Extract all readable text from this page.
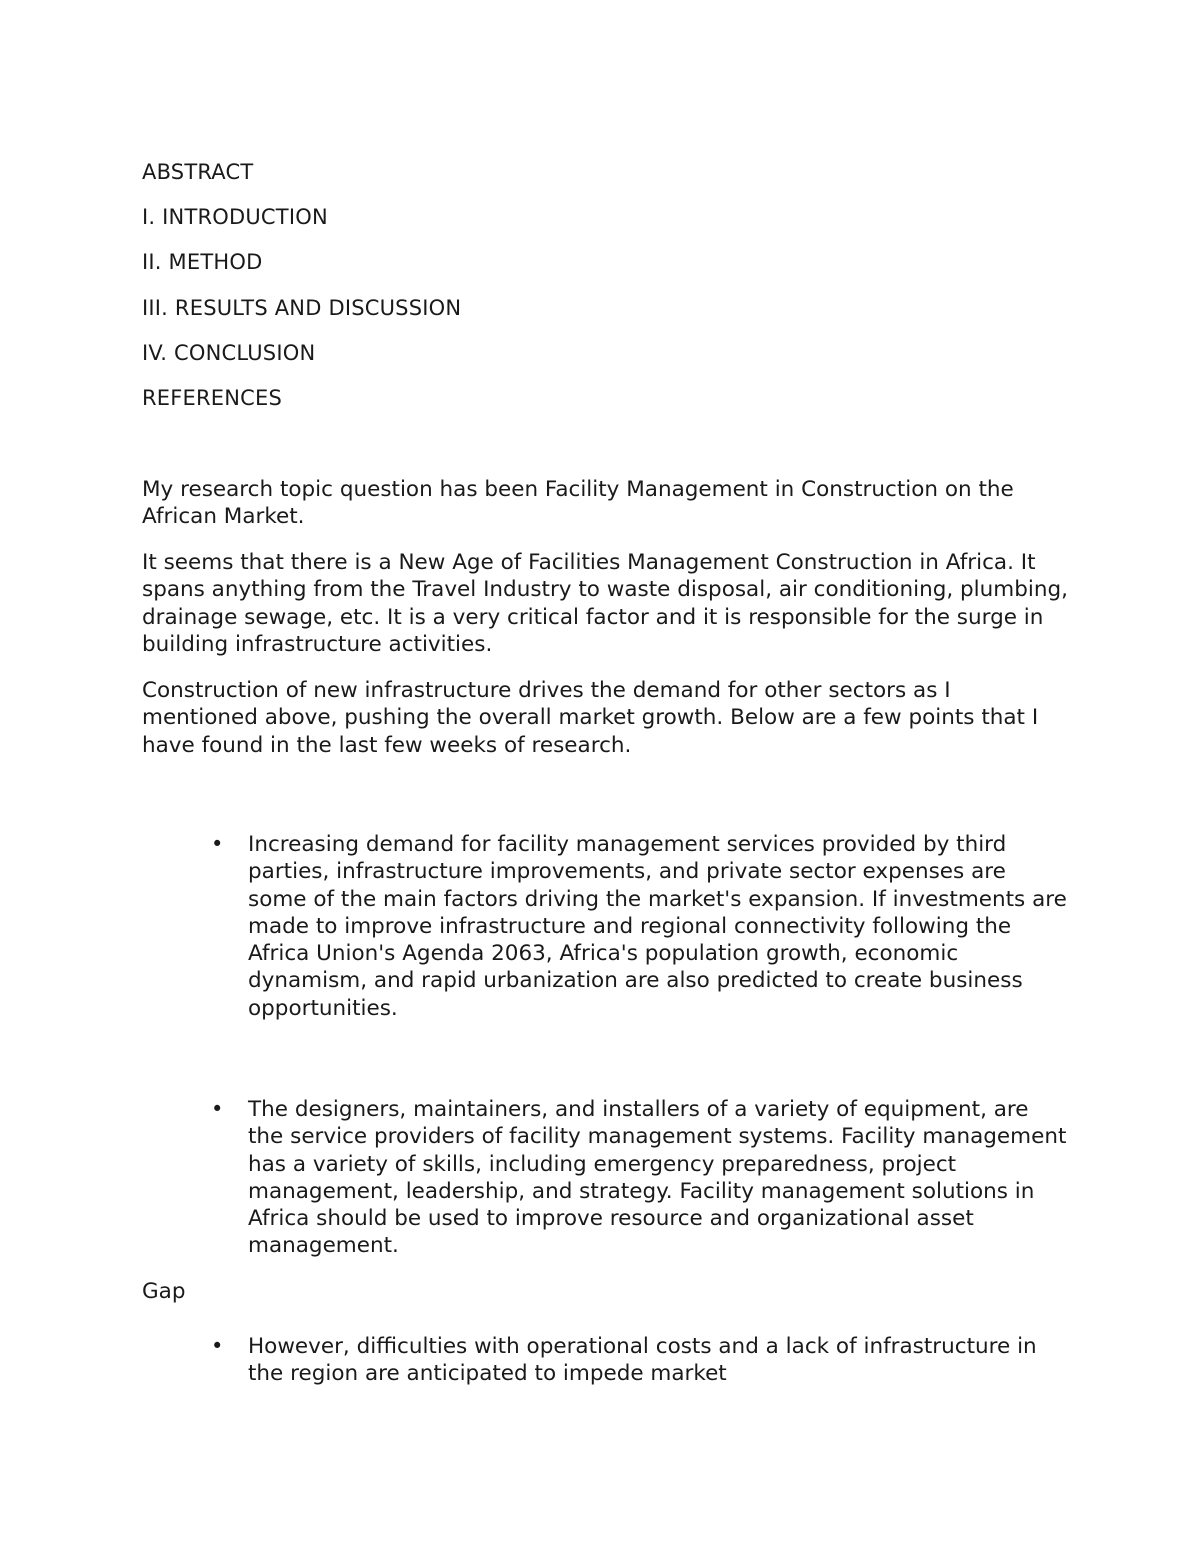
ABSTRACT
I. INTRODUCTION
II. METHOD
III. RESULTS AND DISCUSSION
IV. CONCLUSION
REFERENCES

My research topic question has been Facility Management in Construction on the African Market.

It seems that there is a New Age of Facilities Management Construction in Africa. It spans anything from the Travel Industry to waste disposal, air conditioning, plumbing, drainage sewage, etc. It is a very critical factor and it is responsible for the surge in building infrastructure activities.

Construction of new infrastructure drives the demand for other sectors as I mentioned above, pushing the overall market growth. Below are a few points that I have found in the last few weeks of research.

• Increasing demand for facility management services provided by third parties, infrastructure improvements, and private sector expenses are some of the main factors driving the market's expansion. If investments are made to improve infrastructure and regional connectivity following the Africa Union's Agenda 2063, Africa's population growth, economic dynamism, and rapid urbanization are also predicted to create business opportunities.

• The designers, maintainers, and installers of a variety of equipment, are the service providers of facility management systems. Facility management has a variety of skills, including emergency preparedness, project management, leadership, and strategy. Facility management solutions in Africa should be used to improve resource and organizational asset management.

Gap

• However, difficulties with operational costs and a lack of infrastructure in the region are anticipated to impede market
